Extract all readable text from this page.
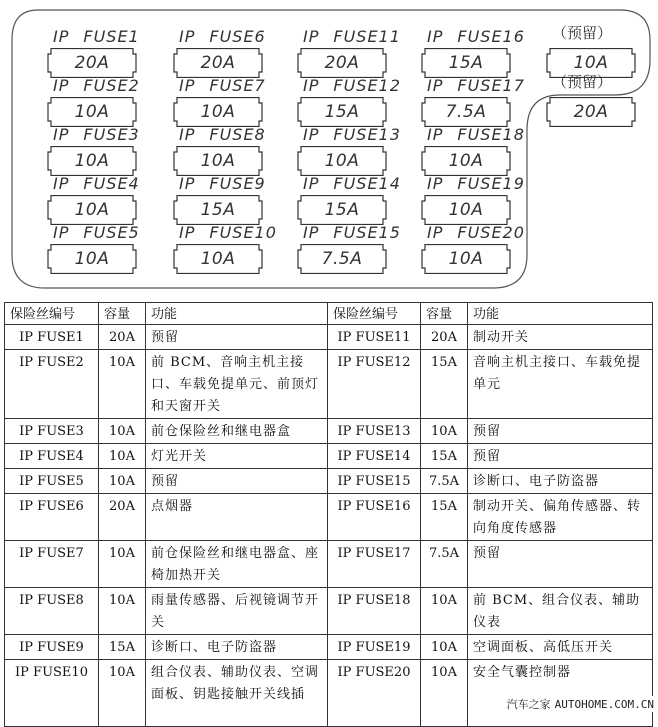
IP FUSE1
20A
IP FUSE2
10A
IP FUSE3
10A
IP FUSE4
10A
IP FUSE5
10A
IP FUSE6
20A
IP FUSE7
10A
IP FUSE8
10A
IP FUSE9
15A
IP FUSE10
10A
IP FUSE11
20A
IP FUSE12
15A
IP FUSE13
10A
IP FUSE14
15A
IP FUSE15
7.5A
IP FUSE16
15A
IP FUSE17
7.5A
IP FUSE18
10A
IP FUSE19
10A
IP FUSE20
10A
（预留）
10A
（预留）
20A
保险丝编号	容量	功能	保险丝编号	容量	功能
IP FUSE1	20A	预留	IP FUSE11	20A	制动开关
IP FUSE2	10A	前 BCM、音响主机主接口、车载免提单元、前顶灯和天窗开关	IP FUSE12	15A	音响主机主接口、车载免提单元
IP FUSE3	10A	前仓保险丝和继电器盒	IP FUSE13	10A	预留
IP FUSE4	10A	灯光开关	IP FUSE14	15A	预留
IP FUSE5	10A	预留	IP FUSE15	7.5A	诊断口、电子防盗器
IP FUSE6	20A	点烟器	IP FUSE16	15A	制动开关、偏角传感器、转向角度传感器
IP FUSE7	10A	前仓保险丝和继电器盒、座椅加热开关	IP FUSE17	7.5A	预留
IP FUSE8	10A	雨量传感器、后视镜调节开关	IP FUSE18	10A	前 BCM、组合仪表、辅助仪表
IP FUSE9	15A	诊断口、电子防盗器	IP FUSE19	10A	空调面板、高低压开关
IP FUSE10	10A	组合仪表、辅助仪表、空调面板、钥匙接触开关线插	IP FUSE20	10A	安全气囊控制器
汽车之家 AUTOHOME.COM.CN
